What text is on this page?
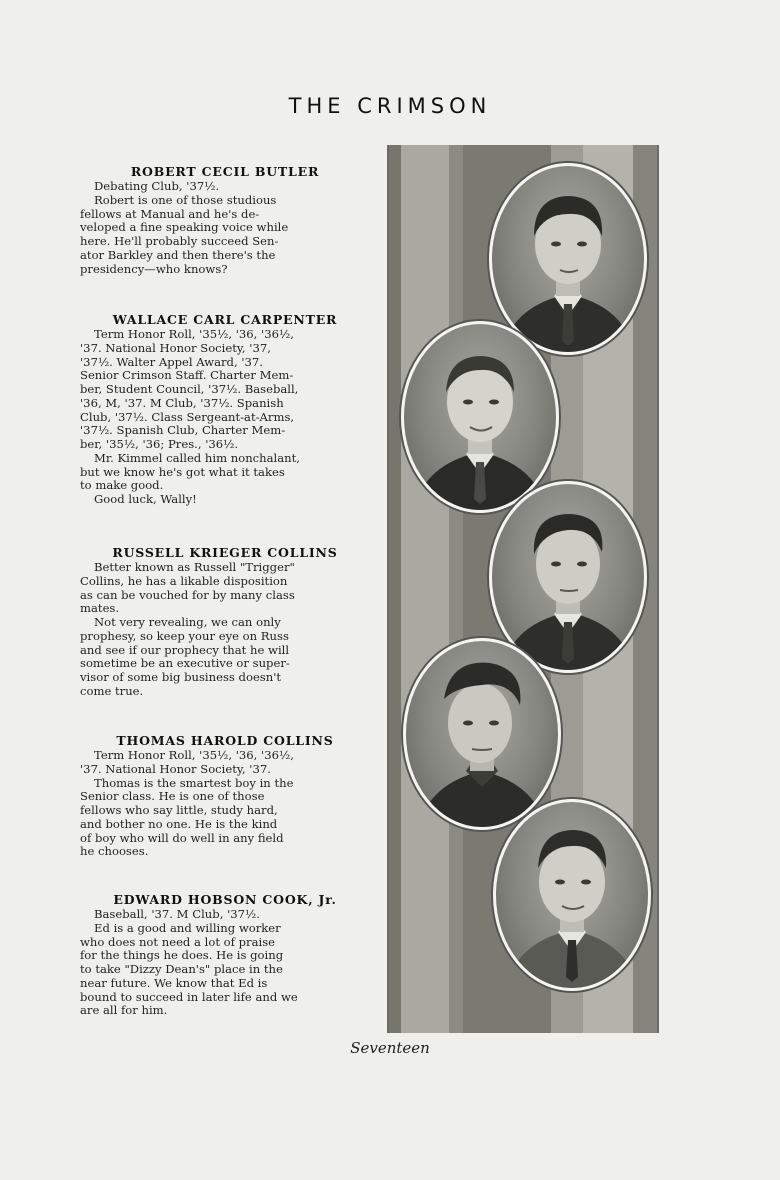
THE CRIMSON
ROBERT CECIL BUTLER
Debating Club, '37½.
Robert is one of those studious
fellows at Manual and he's de-
veloped a fine speaking voice while
here. He'll probably succeed Sen-
ator Barkley and then there's the
presidency—who knows?
WALLACE CARL CARPENTER
Term Honor Roll, '35½, '36, '36½,
'37. National Honor Society, '37,
'37½. Walter Appel Award, '37.
Senior Crimson Staff. Charter Mem-
ber, Student Council, '37½. Baseball,
'36, M, '37. M Club, '37½. Spanish
Club, '37½. Class Sergeant-at-Arms,
'37½. Spanish Club, Charter Mem-
ber, '35½, '36; Pres., '36½.
Mr. Kimmel called him nonchalant,
but we know he's got what it takes
to make good.
Good luck, Wally!
RUSSELL KRIEGER COLLINS
Better known as Russell "Trigger"
Collins, he has a likable disposition
as can be vouched for by many class
mates.
Not very revealing, we can only
prophesy, so keep your eye on Russ
and see if our prophecy that he will
sometime be an executive or super-
visor of some big business doesn't
come true.
THOMAS HAROLD COLLINS
Term Honor Roll, '35½, '36, '36½,
'37. National Honor Society, '37.
Thomas is the smartest boy in the
Senior class. He is one of those
fellows who say little, study hard,
and bother no one. He is the kind
of boy who will do well in any field
he chooses.
EDWARD HOBSON COOK, Jr.
Baseball, '37. M Club, '37½.
Ed is a good and willing worker
who does not need a lot of praise
for the things he does. He is going
to take "Dizzy Dean's" place in the
near future. We know that Ed is
bound to succeed in later life and we
are all for him.
Seventeen
